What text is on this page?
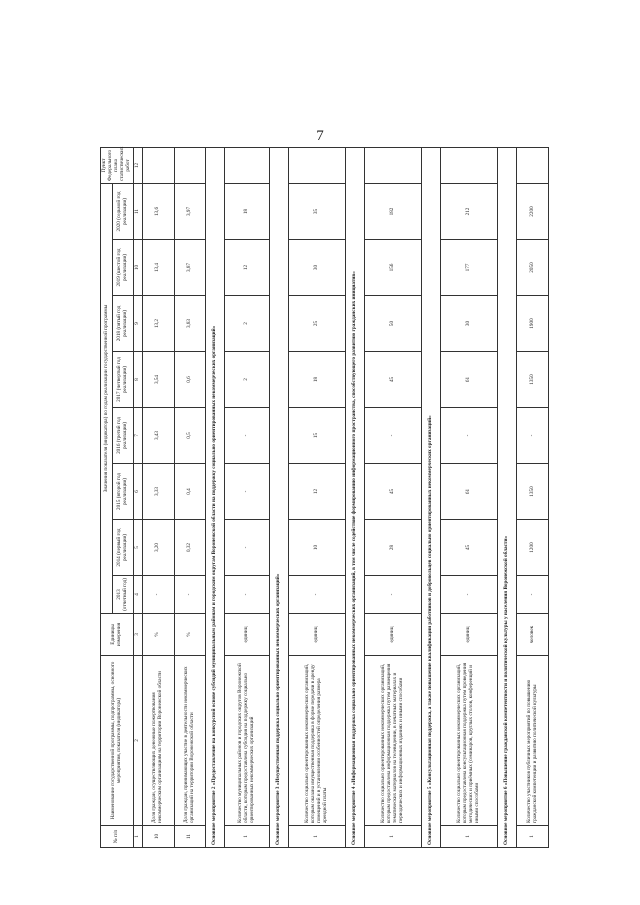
7
№ п/п	Наименование государственной программы, подпрограммы, основного мероприятия, показателя (индикатора)	Единицы измерения	Значения показателя (индикатора) по годам реализации государственной программы								Пункт Федерального плана статистических работ
			2013 (отчетный год)	2014 (первый год реализации)	2015 (второй год реализации)	2016 (третий год реализации)	2017 (четвертый год реализации)	2018 (пятый год реализации)	2019 (шестой год реализации)	2020 (седьмой год реализации)	
1	2	3	4	5	6	7	8	9	10	11	12
10	Доля граждан, осуществляющих денежные пожертвования некоммерческим организациям на территории Воронежской области	%	-	3,20	3,33	3,43	3,54	13,2	13,4	13,6	
11	Доля граждан, принимающих участие в деятельности некоммерческих организаций на территории Воронежской области	%	-	0,32	0,4	0,5	0,6	3,83	3,87	3,97	
Основное мероприятие 2 «Предоставление на конкурсной основе субсидий муниципальным районам и городским округам Воронежской области на поддержку социально ориентированных некоммерческих организаций»											
1	Количество муниципальных районов и городских округов Воронежской области, которым предоставлена субсидия на поддержку социально ориентированных некоммерческих организаций	единиц	-	-	-	-	2	2	12	18	
Основное мероприятие 3 «Имущественная поддержка социально ориентированных некоммерческих организаций»											
1	Количество социально ориентированных некоммерческих организаций, которым оказана имущественная поддержка в форме передачи в аренду помещений и в установлении особенностей определения размера арендной платы	единиц	-	10	12	15	18	25	30	35	
Основное мероприятие 4 «Информационная поддержка социально ориентированных некоммерческих организаций, в том числе содействие формированию информационного пространства, способствующего развитию гражданских инициатив»											
1	Количество социально ориентированных некоммерческих организаций, которым предоставлена информационная поддержка путем размещения тематических материалов на телевидении, в печатных материалах и периодических и информационных изданиях и иными способами	единиц	-	28	45	-	45	50	156	182	
Основное мероприятие 5 «Консультационная поддержка, а также повышение квалификации работников и добровольцев социально ориентированных некоммерческих организаций»											
1	Количество социально ориентированных некоммерческих организаций, которым предоставлена консультационная поддержка путем проведения методических и приёмных (семинаров, круглых столов, конференций и иными способами	единиц	-	45	61	-	61	30	177	212	
Основное мероприятие 6 «Повышение гражданской компетентности и политической культуры у населения Воронежской области»											
1	Количество участников публичных мероприятий по повышению гражданской компетенции и развитию политической культуры	человек	-	1200	1350	-	1350	1900	2050	2200	
